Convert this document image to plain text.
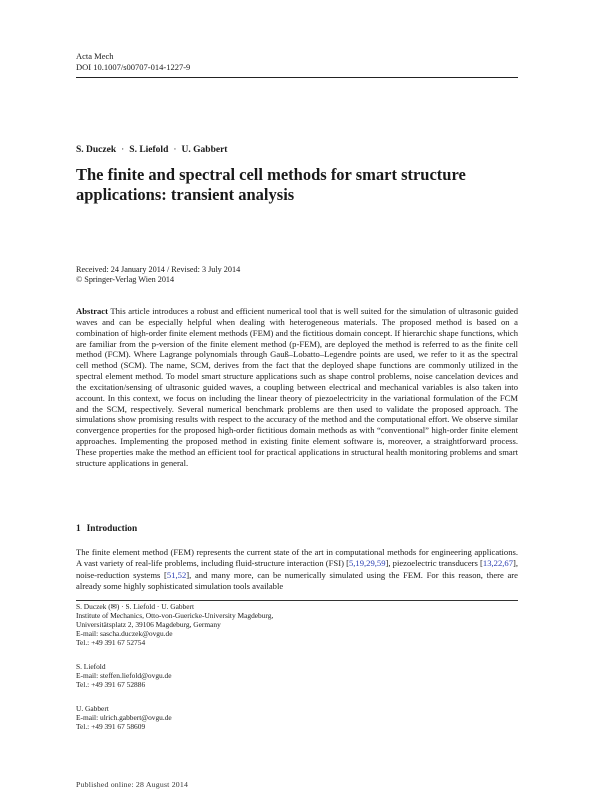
Acta Mech
DOI 10.1007/s00707-014-1227-9
S. Duczek · S. Liefold · U. Gabbert
The finite and spectral cell methods for smart structure applications: transient analysis
Received: 24 January 2014 / Revised: 3 July 2014
© Springer-Verlag Wien 2014
Abstract This article introduces a robust and efficient numerical tool that is well suited for the simulation of ultrasonic guided waves and can be especially helpful when dealing with heterogeneous materials. The proposed method is based on a combination of high-order finite element methods (FEM) and the fictitious domain concept. If hierarchic shape functions, which are familiar from the p-version of the finite element method (p-FEM), are deployed the method is referred to as the finite cell method (FCM). Where Lagrange polynomials through Gauß–Lobatto–Legendre points are used, we refer to it as the spectral cell method (SCM). The name, SCM, derives from the fact that the deployed shape functions are commonly utilized in the spectral element method. To model smart structure applications such as shape control problems, noise cancelation devices and the excitation/sensing of ultrasonic guided waves, a coupling between electrical and mechanical variables is also taken into account. In this context, we focus on including the linear theory of piezoelectricity in the variational formulation of the FCM and the SCM, respectively. Several numerical benchmark problems are then used to validate the proposed approach. The simulations show promising results with respect to the accuracy of the method and the computational effort. We observe similar convergence properties for the proposed high-order fictitious domain methods as with “conventional” high-order finite element approaches. Implementing the proposed method in existing finite element software is, moreover, a straightforward process. These properties make the method an efficient tool for practical applications in structural health monitoring problems and smart structure applications in general.
1 Introduction
The finite element method (FEM) represents the current state of the art in computational methods for engineering applications. A vast variety of real-life problems, including fluid-structure interaction (FSI) [5,19,29,59], piezoelectric transducers [13,22,67], noise-reduction systems [51,52], and many more, can be numerically simulated using the FEM. For this reason, there are already some highly sophisticated simulation tools available
S. Duczek (✉) · S. Liefold · U. Gabbert
Institute of Mechanics, Otto-von-Guericke-University Magdeburg,
Universitätsplatz 2, 39106 Magdeburg, Germany
E-mail: sascha.duczek@ovgu.de
Tel.: +49 391 67 52754
S. Liefold
E-mail: steffen.liefold@ovgu.de
Tel.: +49 391 67 52886
U. Gabbert
E-mail: ulrich.gabbert@ovgu.de
Tel.: +49 391 67 58609
Published online: 28 August 2014
